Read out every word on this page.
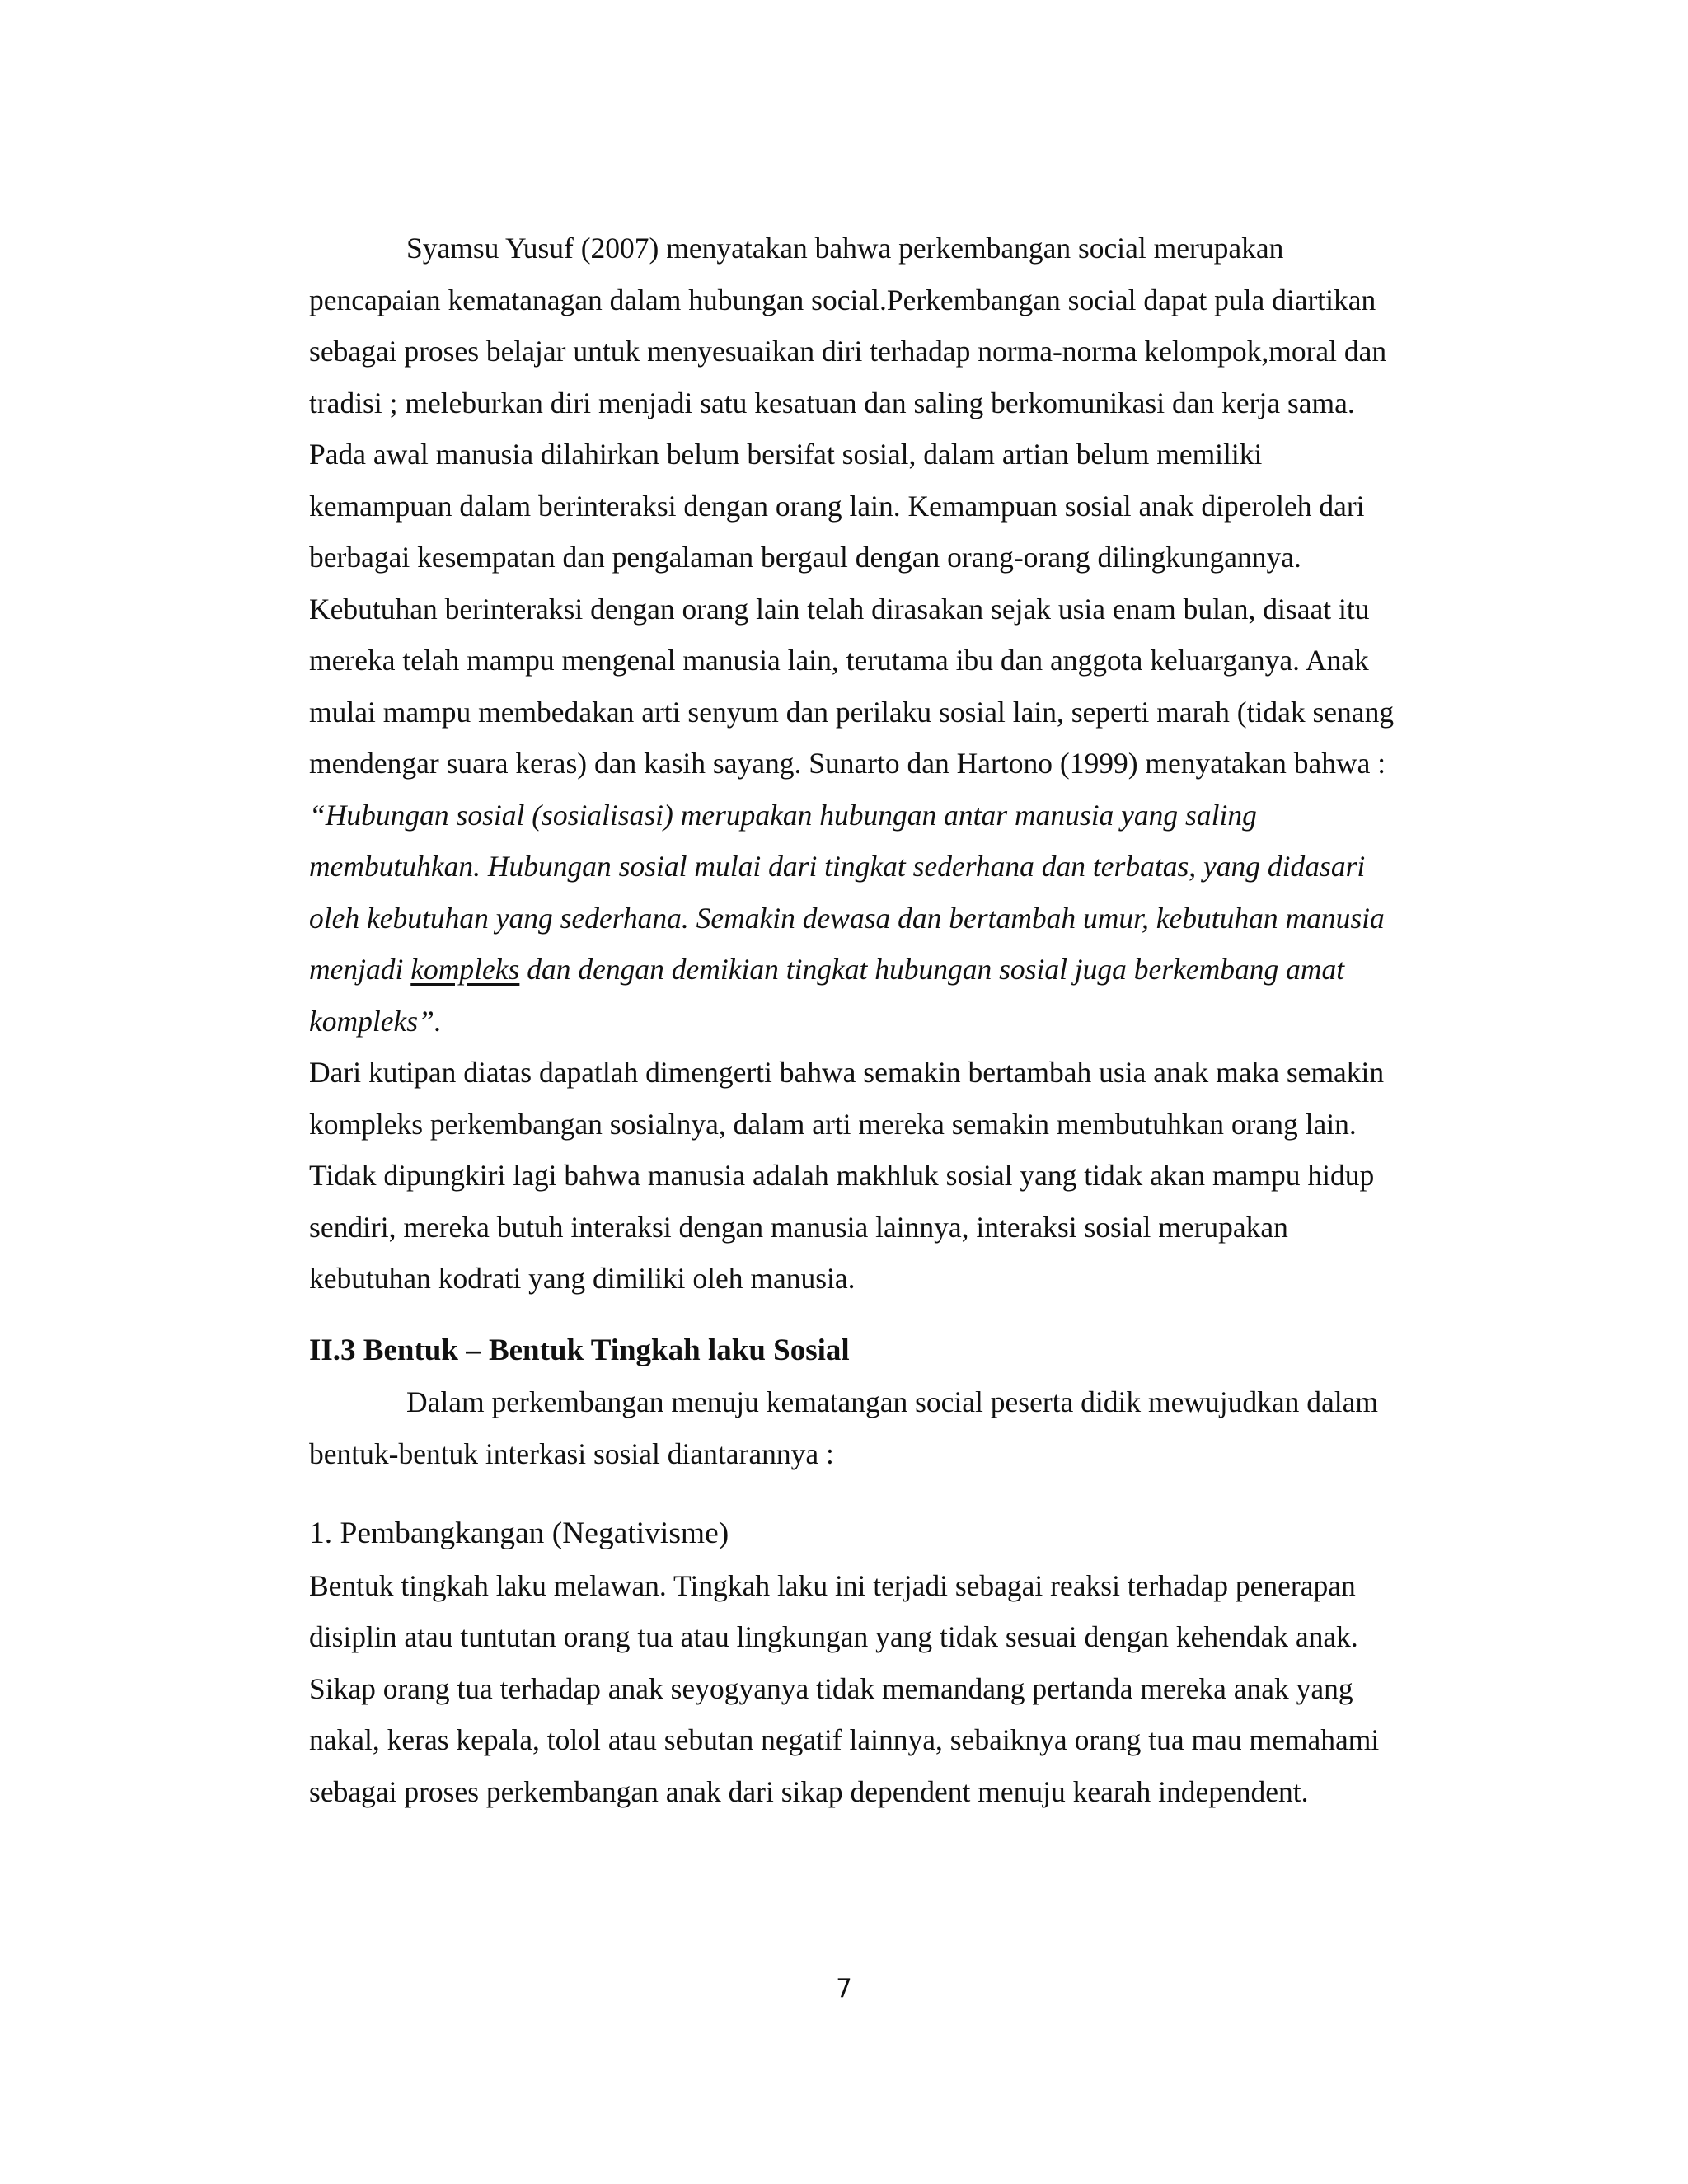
Syamsu Yusuf (2007) menyatakan bahwa perkembangan social merupakan
pencapaian kematanagan dalam hubungan social.Perkembangan social dapat pula diartikan
sebagai proses belajar untuk menyesuaikan diri terhadap norma-norma kelompok,moral dan
tradisi ; meleburkan diri menjadi satu kesatuan dan saling berkomunikasi dan kerja sama.
Pada awal manusia dilahirkan belum bersifat sosial, dalam artian belum memiliki
kemampuan dalam berinteraksi dengan orang lain. Kemampuan sosial anak diperoleh dari
berbagai kesempatan dan pengalaman bergaul dengan orang-orang dilingkungannya.
Kebutuhan berinteraksi dengan orang lain telah dirasakan sejak usia enam bulan, disaat itu
mereka telah mampu mengenal manusia lain, terutama ibu dan anggota keluarganya. Anak
mulai mampu membedakan arti senyum dan perilaku sosial lain, seperti marah (tidak senang
mendengar suara keras) dan kasih sayang. Sunarto dan Hartono (1999) menyatakan bahwa :
“Hubungan sosial (sosialisasi) merupakan hubungan antar manusia yang saling
membutuhkan. Hubungan sosial mulai dari tingkat sederhana dan terbatas, yang didasari
oleh kebutuhan yang sederhana. Semakin dewasa dan bertambah umur, kebutuhan manusia
menjadi kompleks dan dengan demikian tingkat hubungan sosial juga berkembang amat
kompleks”.
Dari kutipan diatas dapatlah dimengerti bahwa semakin bertambah usia anak maka semakin
kompleks perkembangan sosialnya, dalam arti mereka semakin membutuhkan orang lain.
Tidak dipungkiri lagi bahwa manusia adalah makhluk sosial yang tidak akan mampu hidup
sendiri, mereka butuh interaksi dengan manusia lainnya, interaksi sosial merupakan
kebutuhan kodrati yang dimiliki oleh manusia.
II.3 Bentuk – Bentuk Tingkah laku Sosial
Dalam perkembangan menuju kematangan social peserta didik mewujudkan dalam
bentuk-bentuk interkasi sosial diantarannya :
1. Pembangkangan (Negativisme)
Bentuk tingkah laku melawan. Tingkah laku ini terjadi sebagai reaksi terhadap penerapan
disiplin atau tuntutan orang tua atau lingkungan yang tidak sesuai dengan kehendak anak.
Sikap orang tua terhadap anak seyogyanya tidak memandang pertanda mereka anak yang
nakal, keras kepala, tolol atau sebutan negatif lainnya, sebaiknya orang tua mau memahami
sebagai proses perkembangan anak dari sikap dependent menuju kearah independent.
7
